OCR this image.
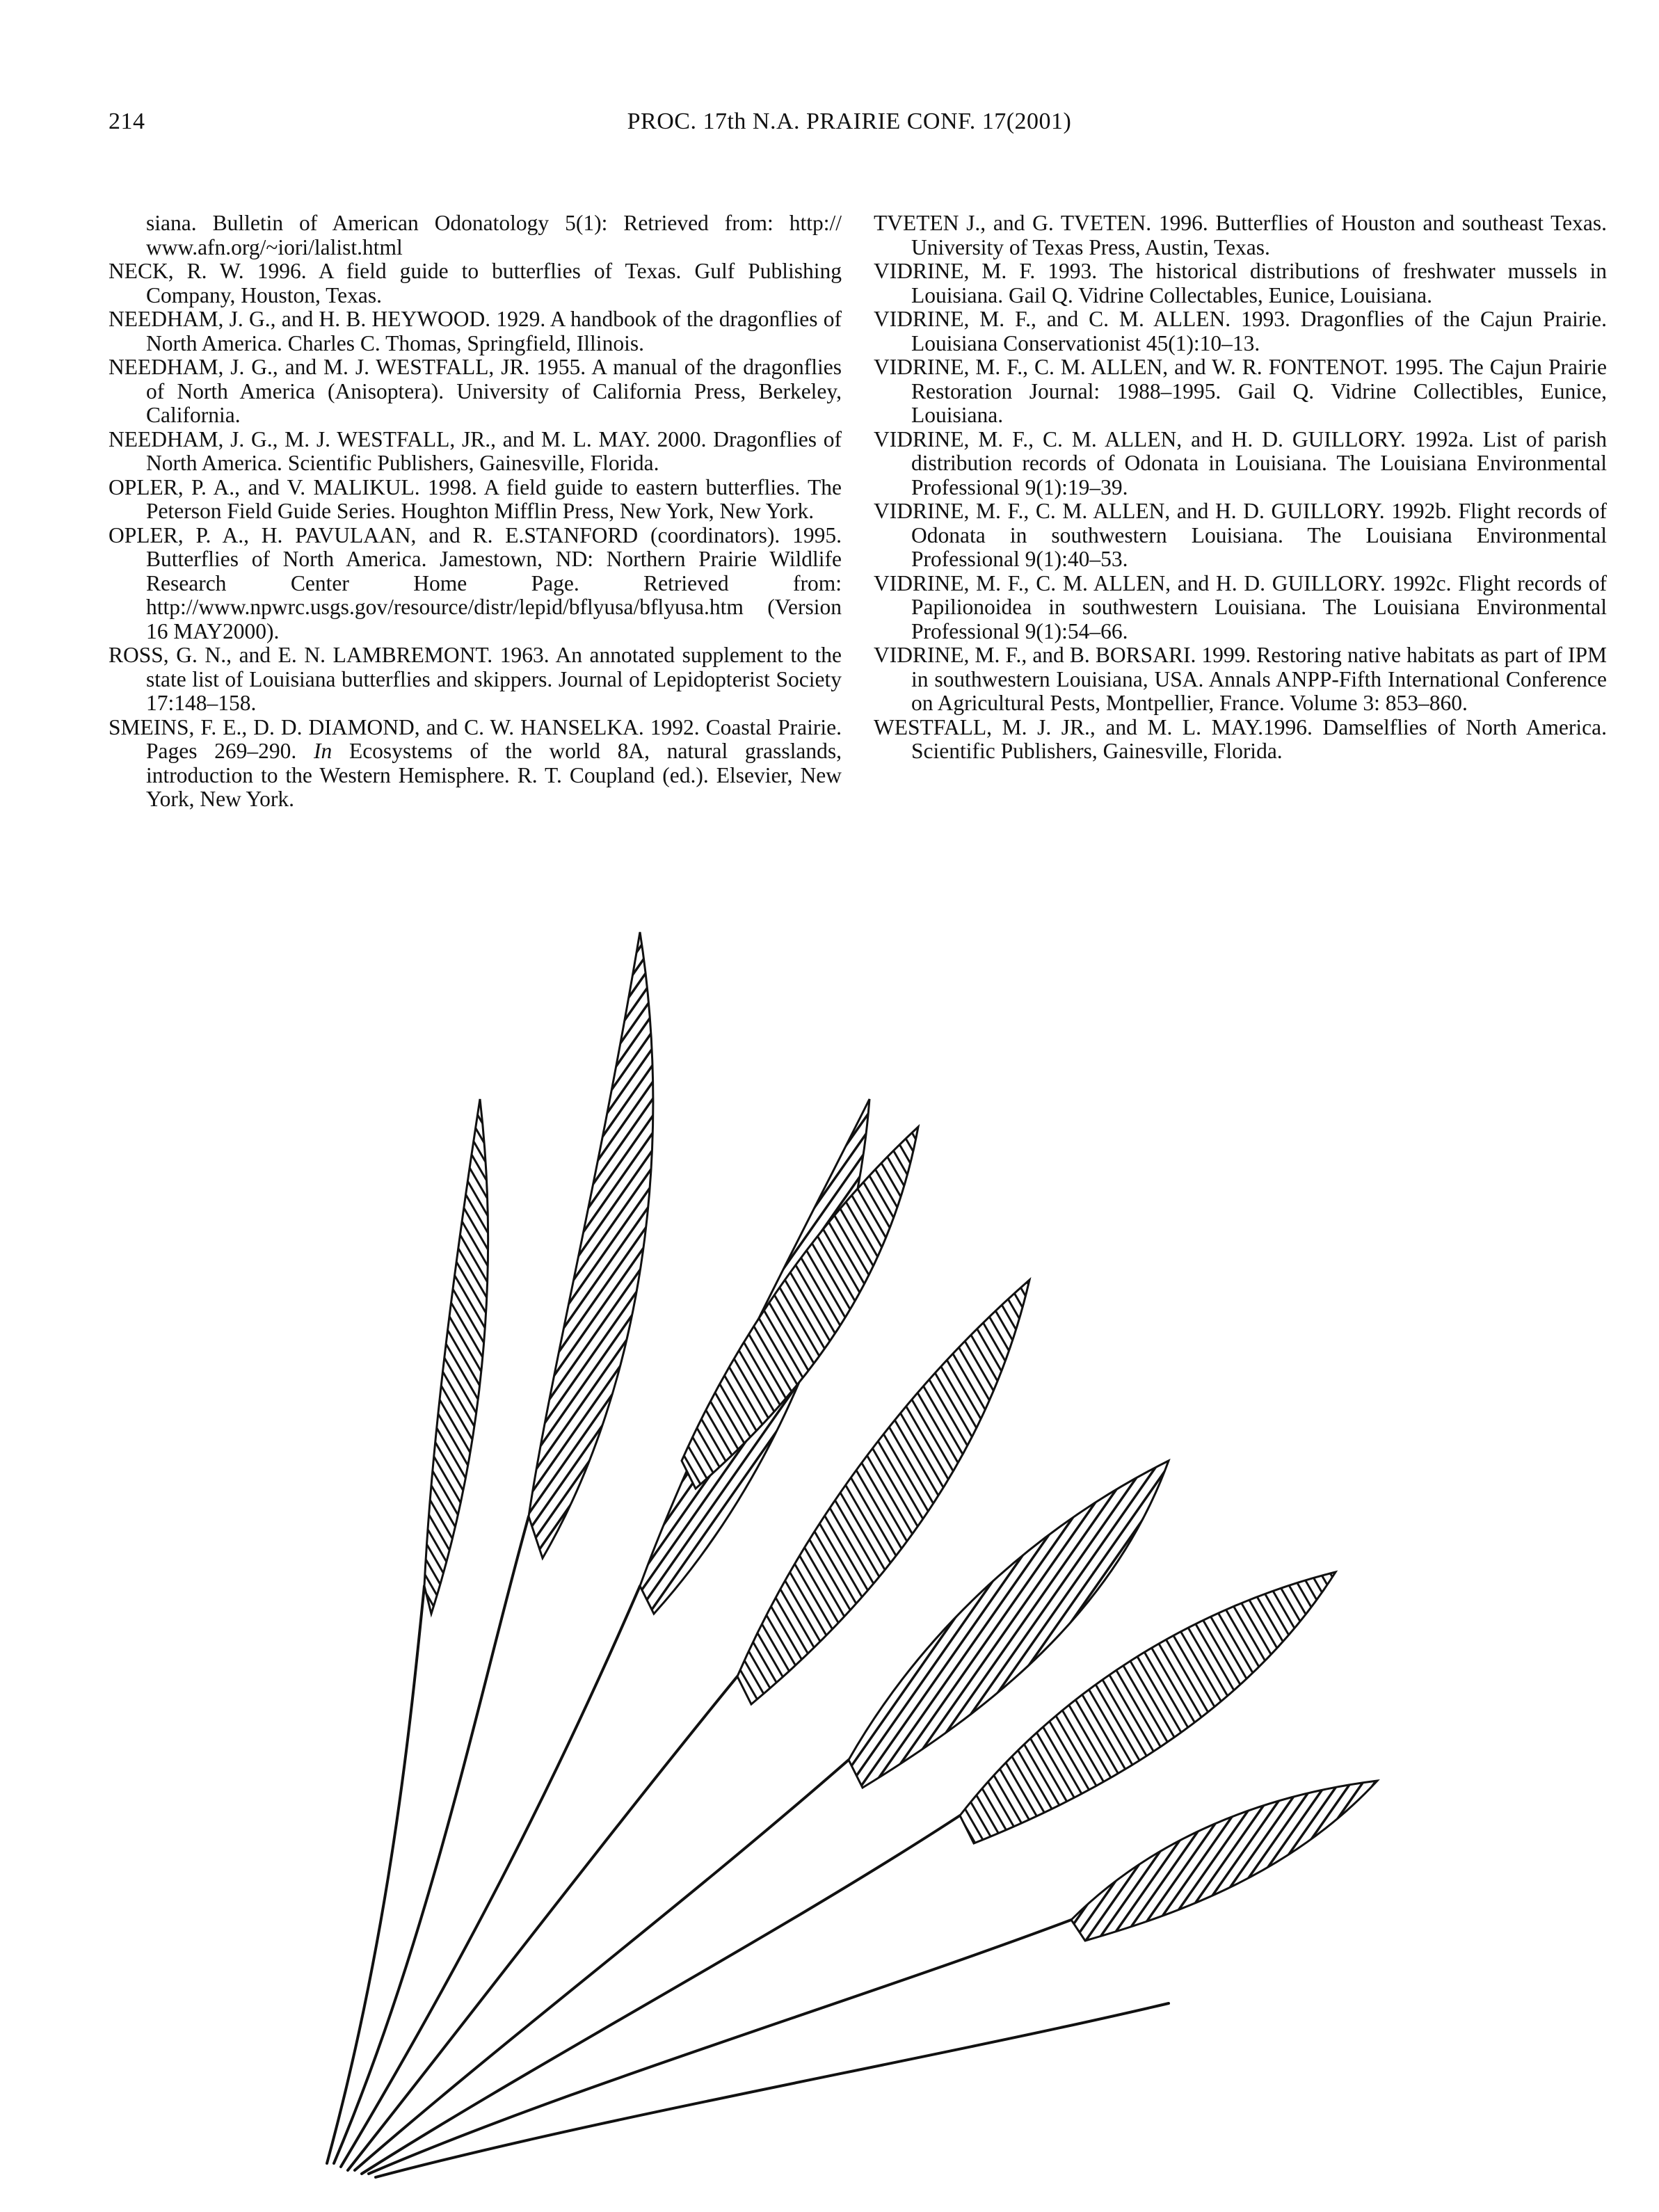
214	PROC. 17th N.A. PRAIRIE CONF. 17(2001)

siana. Bulletin of American Odonatology 5(1): Retrieved from: http:// www.afn.org/~iori/lalist.html

NECK, R. W. 1996. A field guide to butterflies of Texas. Gulf Publishing Company, Houston, Texas.

NEEDHAM, J. G., and H. B. HEYWOOD. 1929. A handbook of the dragonflies of North America. Charles C. Thomas, Springfield, Illinois.

NEEDHAM, J. G., and M. J. WESTFALL, JR. 1955. A manual of the dragonflies of North America (Anisoptera). University of California Press, Berkeley, California.

NEEDHAM, J. G., M. J. WESTFALL, JR., and M. L. MAY. 2000. Dragonflies of North America. Scientific Publishers, Gainesville, Florida.

OPLER, P. A., and V. MALIKUL. 1998. A field guide to eastern butterflies. The Peterson Field Guide Series. Houghton Mifflin Press, New York, New York.

OPLER, P. A., H. PAVULAAN, and R. E.STANFORD (coordinators). 1995. Butterflies of North America. Jamestown, ND: Northern Prairie Wildlife Research Center Home Page. Retrieved from: http://www.npwrc.usgs.gov/resource/distr/lepid/bflyusa/bflyusa.htm (Version 16 MAY2000).

ROSS, G. N., and E. N. LAMBREMONT. 1963. An annotated supplement to the state list of Louisiana butterflies and skippers. Journal of Lepidopterist Society 17:148–158.

SMEINS, F. E., D. D. DIAMOND, and C. W. HANSELKA. 1992. Coastal Prairie. Pages 269–290. In Ecosystems of the world 8A, natural grasslands, introduction to the Western Hemisphere. R. T. Coupland (ed.). Elsevier, New York, New York.

TVETEN J., and G. TVETEN. 1996. Butterflies of Houston and southeast Texas. University of Texas Press, Austin, Texas.

VIDRINE, M. F. 1993. The historical distributions of freshwater mussels in Louisiana. Gail Q. Vidrine Collectables, Eunice, Louisiana.

VIDRINE, M. F., and C. M. ALLEN. 1993. Dragonflies of the Cajun Prairie. Louisiana Conservationist 45(1):10–13.

VIDRINE, M. F., C. M. ALLEN, and W. R. FONTENOT. 1995. The Cajun Prairie Restoration Journal: 1988–1995. Gail Q. Vidrine Collectibles, Eunice, Louisiana.

VIDRINE, M. F., C. M. ALLEN, and H. D. GUILLORY. 1992a. List of parish distribution records of Odonata in Louisiana. The Louisiana Environmental Professional 9(1):19–39.

VIDRINE, M. F., C. M. ALLEN, and H. D. GUILLORY. 1992b. Flight records of Odonata in southwestern Louisiana. The Louisiana Environmental Professional 9(1):40–53.

VIDRINE, M. F., C. M. ALLEN, and H. D. GUILLORY. 1992c. Flight records of Papilionoidea in southwestern Louisiana. The Louisiana Environmental Professional 9(1):54–66.

VIDRINE, M. F., and B. BORSARI. 1999. Restoring native habitats as part of IPM in southwestern Louisiana, USA. Annals ANPP-Fifth International Conference on Agricultural Pests, Montpellier, France. Volume 3: 853–860.

WESTFALL, M. J. JR., and M. L. MAY.1996. Damselflies of North America. Scientific Publishers, Gainesville, Florida.
